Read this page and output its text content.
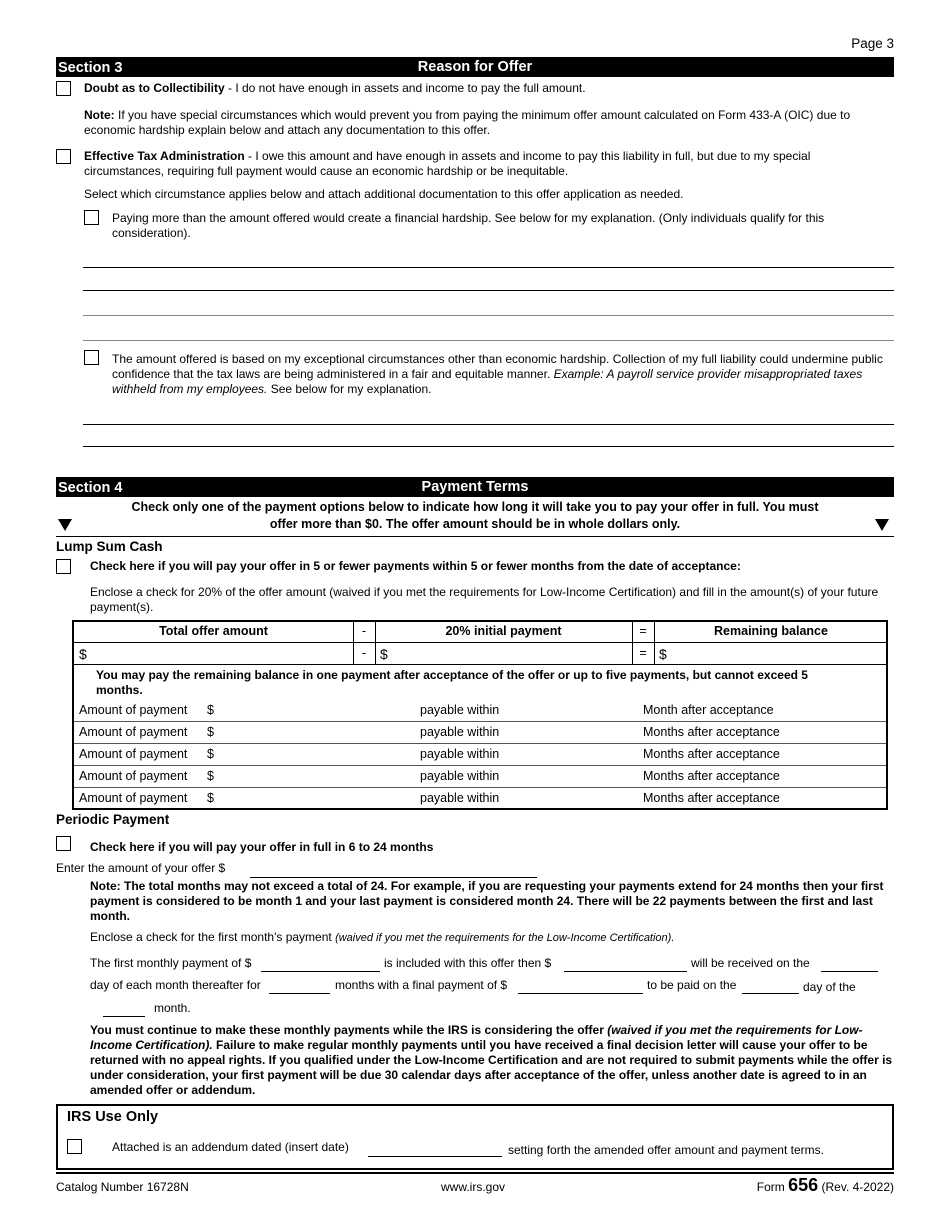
Page 3
Section 3	Reason for Offer
Doubt as to Collectibility - I do not have enough in assets and income to pay the full amount.
Note: If you have special circumstances which would prevent you from paying the minimum offer amount calculated on Form 433-A (OIC) due to economic hardship explain below and attach any documentation to this offer.
Effective Tax Administration - I owe this amount and have enough in assets and income to pay this liability in full, but due to my special circumstances, requiring full payment would cause an economic hardship or be inequitable.
Select which circumstance applies below and attach additional documentation to this offer application as needed.
Paying more than the amount offered would create a financial hardship. See below for my explanation. (Only individuals qualify for this consideration).
The amount offered is based on my exceptional circumstances other than economic hardship. Collection of my full liability could undermine public confidence that the tax laws are being administered in a fair and equitable manner. Example: A payroll service provider misappropriated taxes withheld from my employees. See below for my explanation.
Section 4	Payment Terms
Check only one of the payment options below to indicate how long it will take you to pay your offer in full. You must
offer more than $0. The offer amount should be in whole dollars only.
Lump Sum Cash
Check here if you will pay your offer in 5 or fewer payments within 5 or fewer months from the date of acceptance:
Enclose a check for 20% of the offer amount (waived if you met the requirements for Low-Income Certification) and fill in the amount(s) of your future payment(s).
Total offer amount	-	20% initial payment	=	Remaining balance
$	- $	= $
You may pay the remaining balance in one payment after acceptance of the offer or up to five payments, but cannot exceed 5 months.
Amount of payment $	payable within	Month after acceptance
Amount of payment $	payable within	Months after acceptance
Amount of payment $	payable within	Months after acceptance
Amount of payment $	payable within	Months after acceptance
Amount of payment $	payable within	Months after acceptance
Periodic Payment
Check here if you will pay your offer in full in 6 to 24 months
Enter the amount of your offer $
Note: The total months may not exceed a total of 24. For example, if you are requesting your payments extend for 24 months then your first payment is considered to be month 1 and your last payment is considered month 24. There will be 22 payments between the first and last month.
Enclose a check for the first month's payment (waived if you met the requirements for the Low-Income Certification).
The first monthly payment of $	is included with this offer then $	will be received on the
day of each month thereafter for	months with a final payment of $	to be paid on the	day of the
month.
You must continue to make these monthly payments while the IRS is considering the offer (waived if you met the requirements for Low-Income Certification). Failure to make regular monthly payments until you have received a final decision letter will cause your offer to be returned with no appeal rights. If you qualified under the Low-Income Certification and are not required to submit payments while the offer is under consideration, your first payment will be due 30 calendar days after acceptance of the offer, unless another date is agreed to in an amended offer or addendum.
IRS Use Only
Attached is an addendum dated (insert date)	setting forth the amended offer amount and payment terms.
Catalog Number 16728N	www.irs.gov	Form 656 (Rev. 4-2022)
